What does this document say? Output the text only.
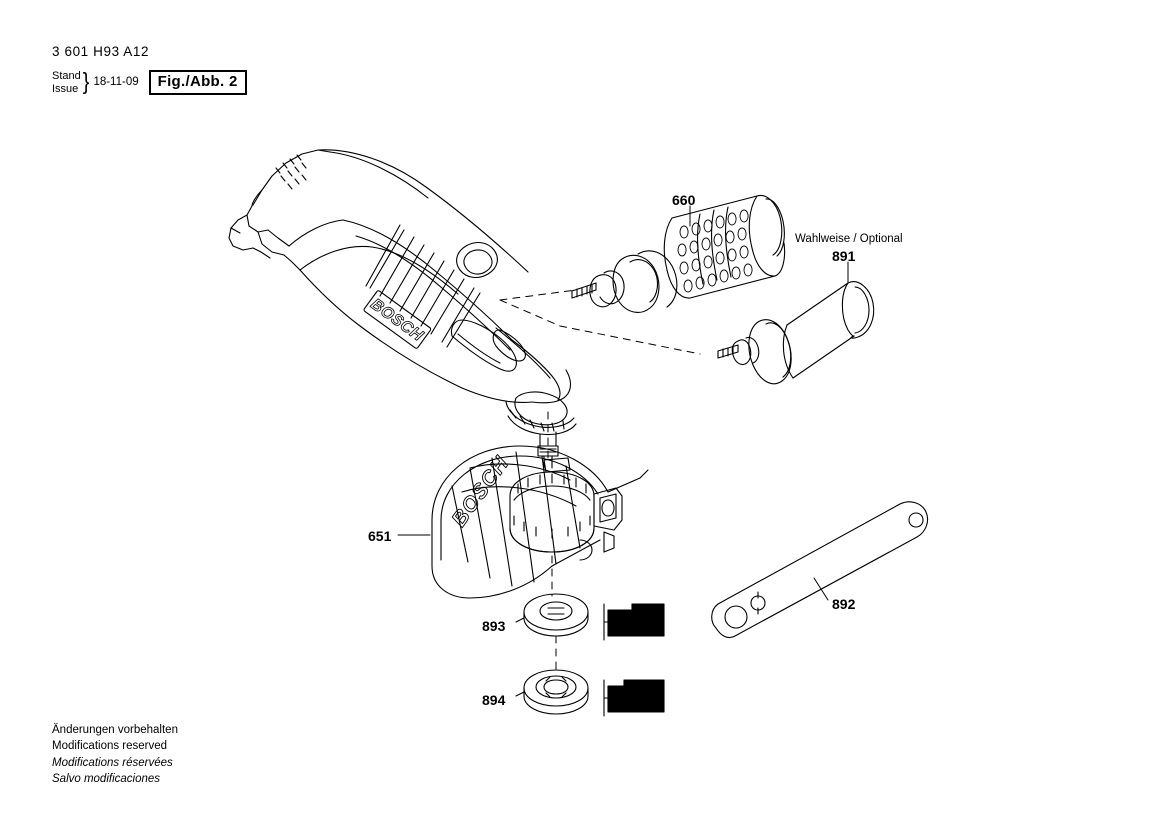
3 601 H93 A12
Stand
Issue } 18-11-09	Fig./Abb. 2
BOSCH
BOSCH
660
Wahlweise / Optional
891
651
892
893
894
Änderungen vorbehalten
Modifications reserved
Modifications réservées
Salvo modificaciones
